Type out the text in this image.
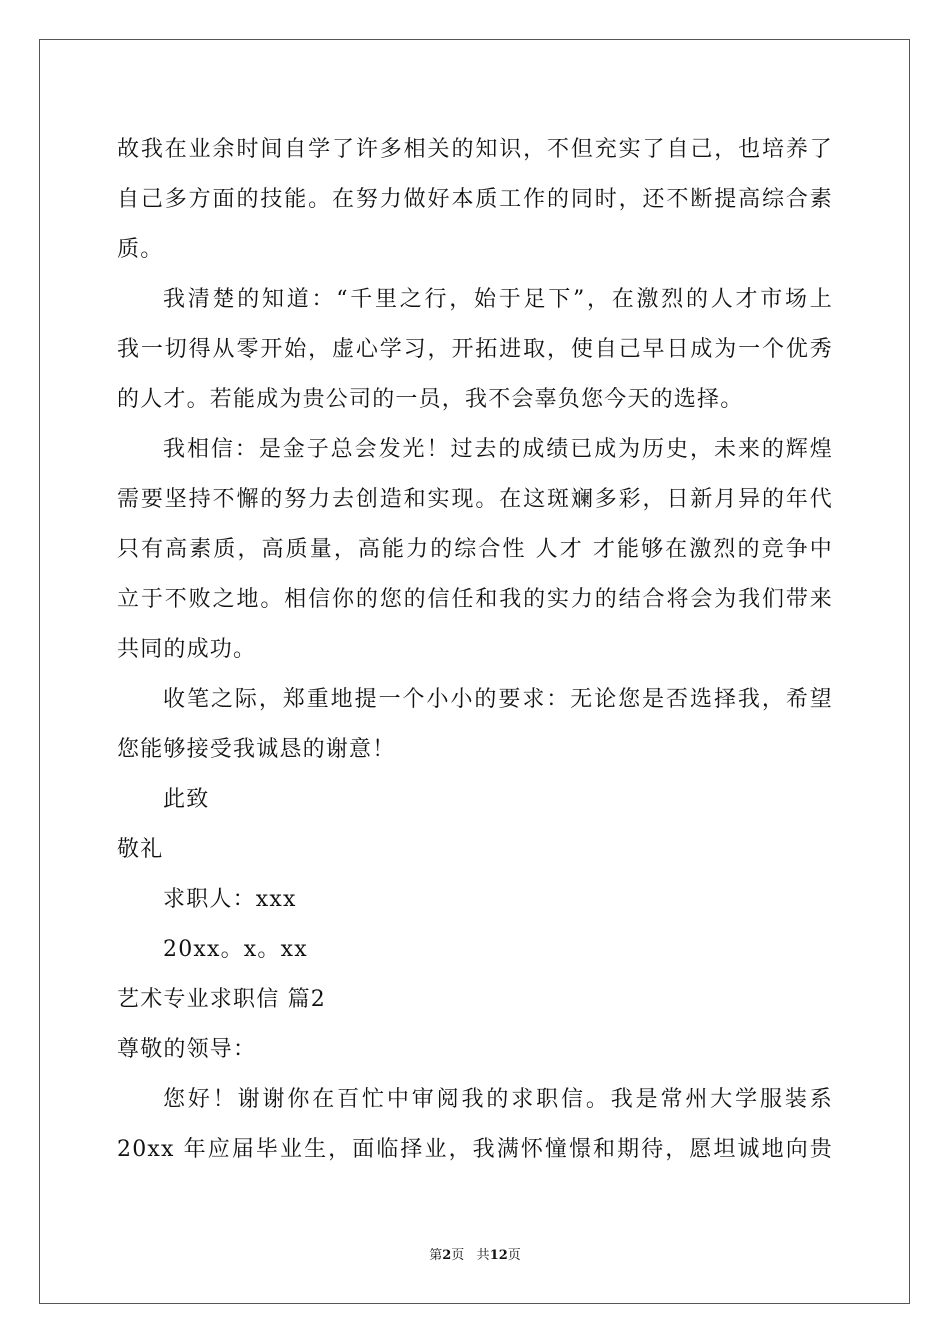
故我在业余时间自学了许多相关的知识，不但充实了自己，也培养了
自己多方面的技能。在努力做好本质工作的同时，还不断提高综合素
质。
我清楚的知道：“千里之行，始于足下”，在激烈的人才市场上
我一切得从零开始，虚心学习，开拓进取，使自己早日成为一个优秀
的人才。若能成为贵公司的一员，我不会辜负您今天的选择。
我相信：是金子总会发光！过去的成绩已成为历史，未来的辉煌
需要坚持不懈的努力去创造和实现。在这斑斓多彩，日新月异的年代
只有高素质，高质量，高能力的综合性 人才 才能够在激烈的竞争中
立于不败之地。相信你的您的信任和我的实力的结合将会为我们带来
共同的成功。
收笔之际，郑重地提一个小小的要求：无论您是否选择我，希望
您能够接受我诚恳的谢意！
此致
敬礼
求职人：xxx
20xx。x。xx
艺术专业求职信 篇2
尊敬的领导：
您好！谢谢你在百忙中审阅我的求职信。我是常州大学服装系
20xx 年应届毕业生，面临择业，我满怀憧憬和期待，愿坦诚地向贵
第2页 共12页
